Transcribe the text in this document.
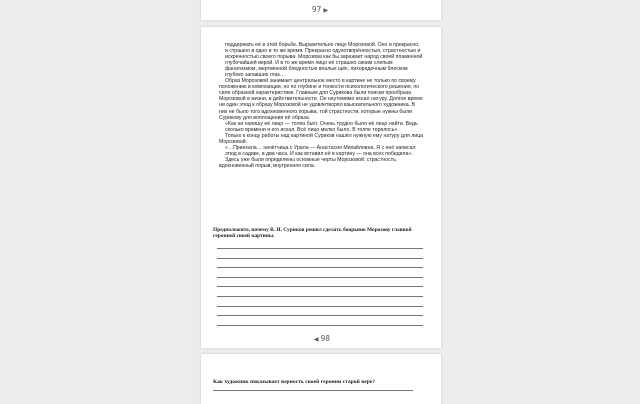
97 ▶

поддержать её в этой борьбе. Выразительно лицо Морозовой. Оно и прекрасно, и страшно в одно и то же время. Прекрасно одухотворённостью, страстностью и искренностью своего порыва. Морозова как бы заражает народ своей пламенной глубочайшей верой. И в то же время лицо её страшно своим слепым фанатизмом, мертвенной бледностью впалых щёк, лихорадочным блеском глубоко запавших глаз…

Образ Морозовой занимает центральное место в картине не только по своему положению в композиции, но по глубине и тонкости психологического решения, по силе образной характеристики. Главным для Сурикова были поиски прообраза Морозовой в жизни, в действительности. Он неутомимо искал натуру. Долгое время ни один этюд к образу Морозовой не удовлетворял взыскательного художника. В них не было того вдохновенного порыва, той страстности, которые нужны были Сурикову для воплощения её образа.

«Как ни напишу её лицо — толпа бьёт. Очень трудно было её лицо найти. Ведь сколько времени я его искал. Всё лицо мелко было. В толпе терялось».

Только к концу работы над картиной Суриков нашёл нужную ему натуру для лица Морозовой.

«…Приехала… начётчица с Урала — Анастасия Михайловна. Я с неё написал этюд в садике, в два часа. И как вставил её в картину — она всех победила».

Здесь уже были определены основные черты Морозовой: страстность, вдохновенный порыв, внутренняя сила.

Предположите, почему В. И. Суриков решил сделать боярыню Морозову главной героиней своей картины.
◀ 98
Как художник показывает верность своей героини старой вере?
